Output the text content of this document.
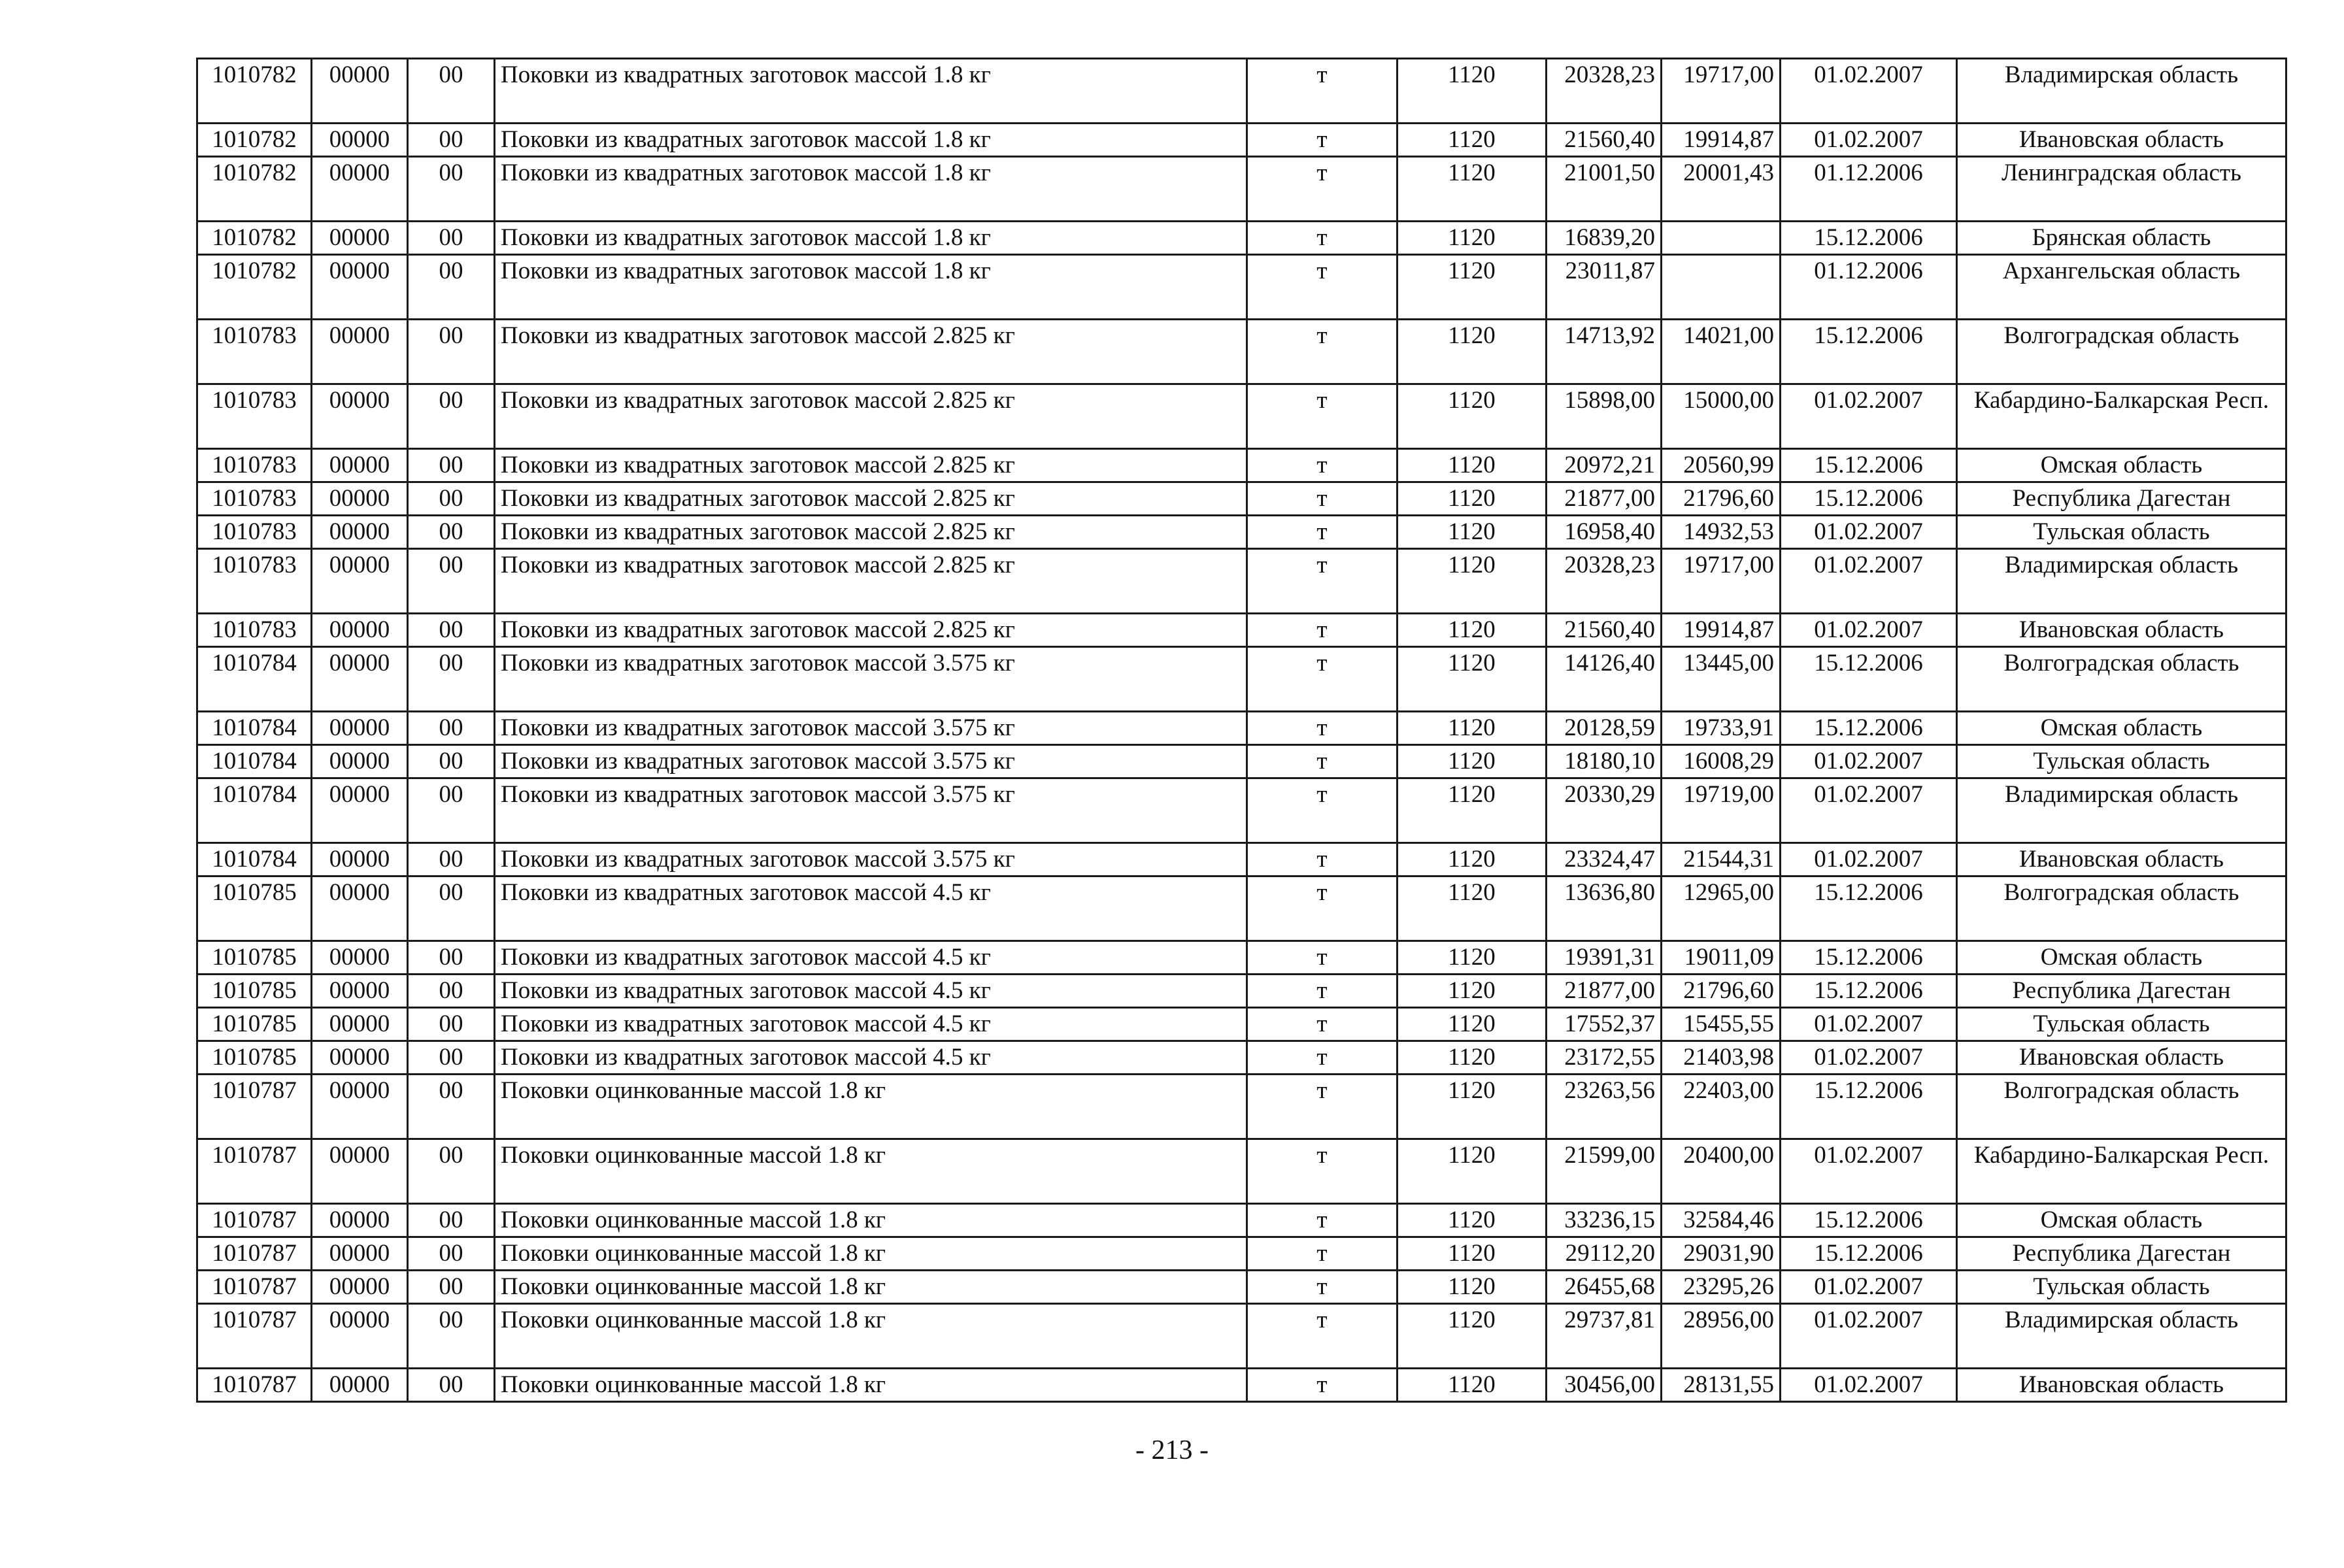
1010782	00000	00	Поковки из квадратных заготовок массой 1.8 кг	т	1120	20328,23	19717,00	01.02.2007	Владимирская область
1010782	00000	00	Поковки из квадратных заготовок массой 1.8 кг	т	1120	21560,40	19914,87	01.02.2007	Ивановская область
1010782	00000	00	Поковки из квадратных заготовок массой 1.8 кг	т	1120	21001,50	20001,43	01.12.2006	Ленинградская область
1010782	00000	00	Поковки из квадратных заготовок массой 1.8 кг	т	1120	16839,20		15.12.2006	Брянская область
1010782	00000	00	Поковки из квадратных заготовок массой 1.8 кг	т	1120	23011,87		01.12.2006	Архангельская область
1010783	00000	00	Поковки из квадратных заготовок массой 2.825 кг	т	1120	14713,92	14021,00	15.12.2006	Волгоградская область
1010783	00000	00	Поковки из квадратных заготовок массой 2.825 кг	т	1120	15898,00	15000,00	01.02.2007	Кабардино-Балкарская Респ.
1010783	00000	00	Поковки из квадратных заготовок массой 2.825 кг	т	1120	20972,21	20560,99	15.12.2006	Омская область
1010783	00000	00	Поковки из квадратных заготовок массой 2.825 кг	т	1120	21877,00	21796,60	15.12.2006	Республика Дагестан
1010783	00000	00	Поковки из квадратных заготовок массой 2.825 кг	т	1120	16958,40	14932,53	01.02.2007	Тульская область
1010783	00000	00	Поковки из квадратных заготовок массой 2.825 кг	т	1120	20328,23	19717,00	01.02.2007	Владимирская область
1010783	00000	00	Поковки из квадратных заготовок массой 2.825 кг	т	1120	21560,40	19914,87	01.02.2007	Ивановская область
1010784	00000	00	Поковки из квадратных заготовок массой 3.575 кг	т	1120	14126,40	13445,00	15.12.2006	Волгоградская область
1010784	00000	00	Поковки из квадратных заготовок массой 3.575 кг	т	1120	20128,59	19733,91	15.12.2006	Омская область
1010784	00000	00	Поковки из квадратных заготовок массой 3.575 кг	т	1120	18180,10	16008,29	01.02.2007	Тульская область
1010784	00000	00	Поковки из квадратных заготовок массой 3.575 кг	т	1120	20330,29	19719,00	01.02.2007	Владимирская область
1010784	00000	00	Поковки из квадратных заготовок массой 3.575 кг	т	1120	23324,47	21544,31	01.02.2007	Ивановская область
1010785	00000	00	Поковки из квадратных заготовок массой 4.5 кг	т	1120	13636,80	12965,00	15.12.2006	Волгоградская область
1010785	00000	00	Поковки из квадратных заготовок массой 4.5 кг	т	1120	19391,31	19011,09	15.12.2006	Омская область
1010785	00000	00	Поковки из квадратных заготовок массой 4.5 кг	т	1120	21877,00	21796,60	15.12.2006	Республика Дагестан
1010785	00000	00	Поковки из квадратных заготовок массой 4.5 кг	т	1120	17552,37	15455,55	01.02.2007	Тульская область
1010785	00000	00	Поковки из квадратных заготовок массой 4.5 кг	т	1120	23172,55	21403,98	01.02.2007	Ивановская область
1010787	00000	00	Поковки оцинкованные массой 1.8 кг	т	1120	23263,56	22403,00	15.12.2006	Волгоградская область
1010787	00000	00	Поковки оцинкованные массой 1.8 кг	т	1120	21599,00	20400,00	01.02.2007	Кабардино-Балкарская Респ.
1010787	00000	00	Поковки оцинкованные массой 1.8 кг	т	1120	33236,15	32584,46	15.12.2006	Омская область
1010787	00000	00	Поковки оцинкованные массой 1.8 кг	т	1120	29112,20	29031,90	15.12.2006	Республика Дагестан
1010787	00000	00	Поковки оцинкованные массой 1.8 кг	т	1120	26455,68	23295,26	01.02.2007	Тульская область
1010787	00000	00	Поковки оцинкованные массой 1.8 кг	т	1120	29737,81	28956,00	01.02.2007	Владимирская область
1010787	00000	00	Поковки оцинкованные массой 1.8 кг	т	1120	30456,00	28131,55	01.02.2007	Ивановская область
- 213 -
